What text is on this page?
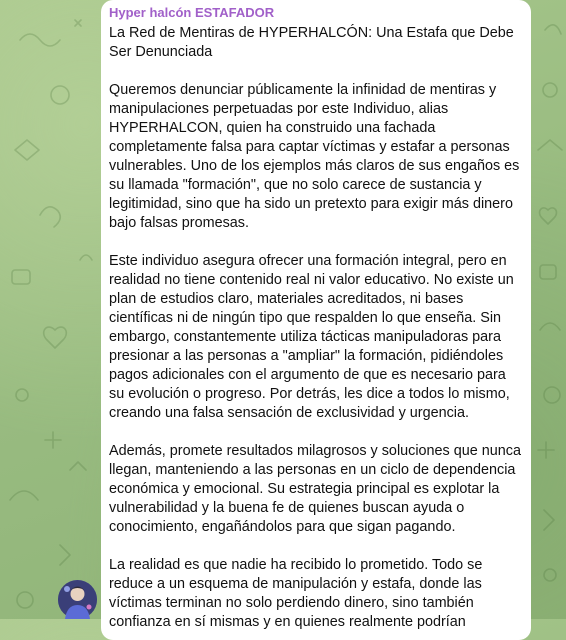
Hyper halcón ESTAFADOR
La Red de Mentiras de HYPERHALCÓN: Una Estafa que Debe Ser Denunciada
Queremos denunciar públicamente la infinidad de mentiras y manipulaciones perpetuadas por este Individuo, alias HYPERHALCON, quien ha construido una fachada completamente falsa para captar víctimas y estafar a personas vulnerables. Uno de los ejemplos más claros de sus engaños es su llamada "formación", que no solo carece de sustancia y legitimidad, sino que ha sido un pretexto para exigir más dinero bajo falsas promesas.
Este individuo asegura ofrecer una formación integral, pero en realidad no tiene contenido real ni valor educativo. No existe un plan de estudios claro, materiales acreditados, ni bases científicas ni de ningún tipo que respalden lo que enseña. Sin embargo, constantemente utiliza tácticas manipuladoras para presionar a las personas a "ampliar" la formación, pidiéndoles pagos adicionales con el argumento de que es necesario para su evolución o progreso. Por detrás, les dice a todos lo mismo, creando una falsa sensación de exclusividad y urgencia.
Además, promete resultados milagrosos y soluciones que nunca llegan, manteniendo a las personas en un ciclo de dependencia económica y emocional. Su estrategia principal es explotar la vulnerabilidad y la buena fe de quienes buscan ayuda o conocimiento, engañándolos para que sigan pagando.
La realidad es que nadie ha recibido lo prometido. Todo se reduce a un esquema de manipulación y estafa, donde las víctimas terminan no solo perdiendo dinero, sino también confianza en sí mismas y en quienes realmente podrían
